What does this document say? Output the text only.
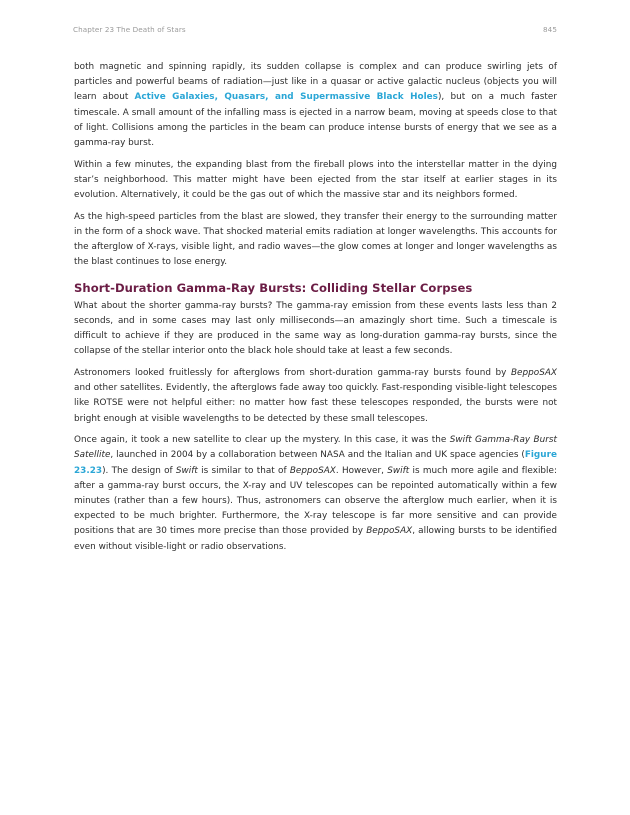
Chapter 23 The Death of Stars	845

both magnetic and spinning rapidly, its sudden collapse is complex and can produce swirling jets of particles and powerful beams of radiation—just like in a quasar or active galactic nucleus (objects you will learn about Active Galaxies, Quasars, and Supermassive Black Holes), but on a much faster timescale. A small amount of the infalling mass is ejected in a narrow beam, moving at speeds close to that of light. Collisions among the particles in the beam can produce intense bursts of energy that we see as a gamma-ray burst.

Within a few minutes, the expanding blast from the fireball plows into the interstellar matter in the dying star’s neighborhood. This matter might have been ejected from the star itself at earlier stages in its evolution. Alternatively, it could be the gas out of which the massive star and its neighbors formed.

As the high-speed particles from the blast are slowed, they transfer their energy to the surrounding matter in the form of a shock wave. That shocked material emits radiation at longer wavelengths. This accounts for the afterglow of X-rays, visible light, and radio waves—the glow comes at longer and longer wavelengths as the blast continues to lose energy.

Short-Duration Gamma-Ray Bursts: Colliding Stellar Corpses

What about the shorter gamma-ray bursts? The gamma-ray emission from these events lasts less than 2 seconds, and in some cases may last only milliseconds—an amazingly short time. Such a timescale is difficult to achieve if they are produced in the same way as long-duration gamma-ray bursts, since the collapse of the stellar interior onto the black hole should take at least a few seconds.

Astronomers looked fruitlessly for afterglows from short-duration gamma-ray bursts found by BeppoSAX and other satellites. Evidently, the afterglows fade away too quickly. Fast-responding visible-light telescopes like ROTSE were not helpful either: no matter how fast these telescopes responded, the bursts were not bright enough at visible wavelengths to be detected by these small telescopes.

Once again, it took a new satellite to clear up the mystery. In this case, it was the Swift Gamma-Ray Burst Satellite, launched in 2004 by a collaboration between NASA and the Italian and UK space agencies (Figure 23.23). The design of Swift is similar to that of BeppoSAX. However, Swift is much more agile and flexible: after a gamma-ray burst occurs, the X-ray and UV telescopes can be repointed automatically within a few minutes (rather than a few hours). Thus, astronomers can observe the afterglow much earlier, when it is expected to be much brighter. Furthermore, the X-ray telescope is far more sensitive and can provide positions that are 30 times more precise than those provided by BeppoSAX, allowing bursts to be identified even without visible-light or radio observations.
